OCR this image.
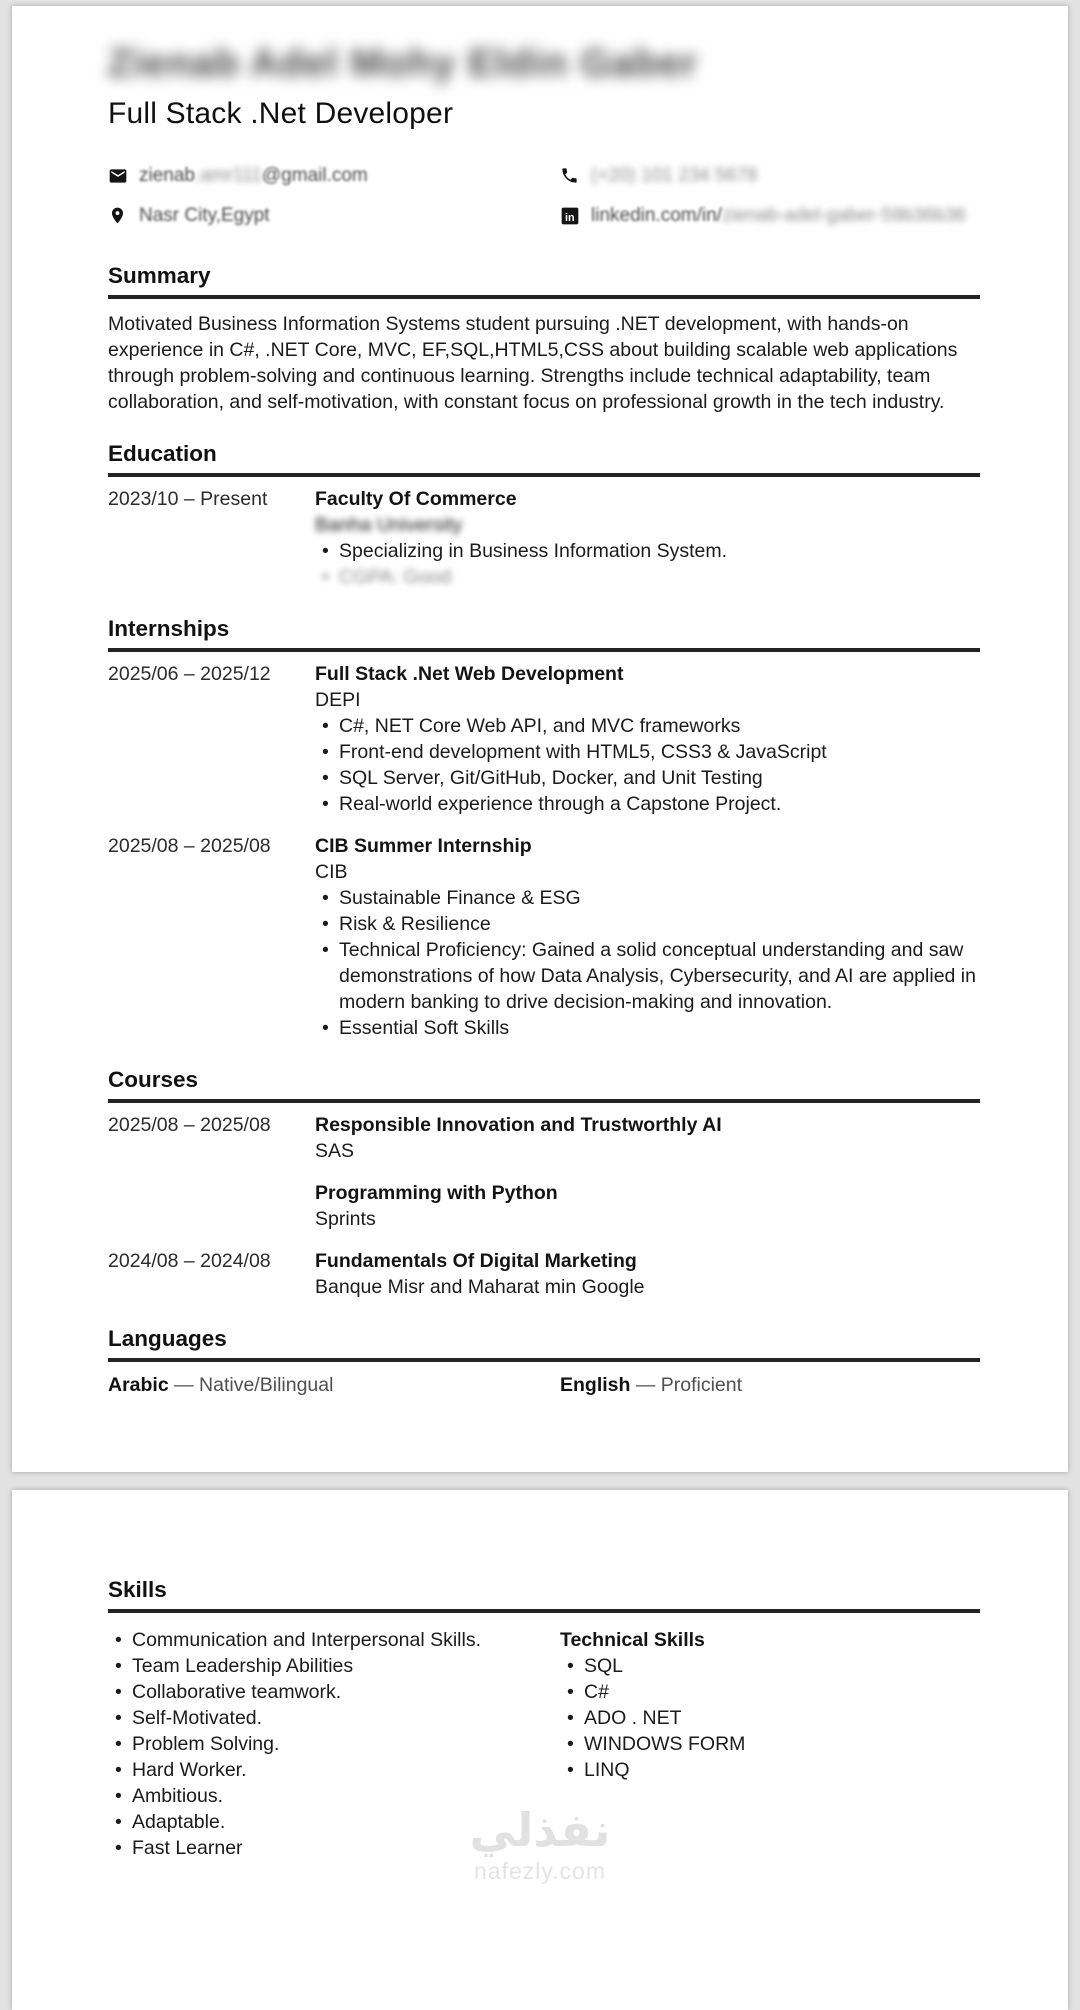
Zienab Adel Mohy Eldin Gaber
Full Stack .Net Developer
zienab.amr111@gmail.com	(+20) 101 234 5678
Nasr City,Egypt	in linkedin.com/in/zienab-adel-gaber-59b36b36
Summary

Motivated Business Information Systems student pursuing .NET development, with hands-on experience in C#, .NET Core, MVC, EF,SQL,HTML5,CSS about building scalable web applications through problem-solving and continuous learning. Strengths include technical adaptability, team collaboration, and self-motivation, with constant focus on professional growth in the tech industry.

Education
2023/10 – Present	Faculty Of Commerce
Banha University
• Specializing in Business Information System.
• CGPA: Good
Internships
2025/06 – 2025/12	Full Stack .Net Web Development
DEPI
• C#, NET Core Web API, and MVC frameworks
• Front-end development with HTML5, CSS3 & JavaScript
• SQL Server, Git/GitHub, Docker, and Unit Testing
• Real-world experience through a Capstone Project.
2025/08 – 2025/08	CIB Summer Internship
CIB
• Sustainable Finance & ESG
• Risk & Resilience
• Technical Proficiency: Gained a solid conceptual understanding and saw demonstrations of how Data Analysis, Cybersecurity, and AI are applied in modern banking to drive decision-making and innovation.
• Essential Soft Skills
Courses
2025/08 – 2025/08	Responsible Innovation and Trustworthly AI
SAS
Programming with Python
Sprints
2024/08 – 2024/08	Fundamentals Of Digital Marketing
Banque Misr and Maharat min Google
Languages
Arabic — Native/Bilingual	English — Proficient
Skills
• Communication and Interpersonal Skills.
• Team Leadership Abilities
• Collaborative teamwork.
• Self-Motivated.
• Problem Solving.
• Hard Worker.
• Ambitious.
• Adaptable.
• Fast Learner
Technical Skills
• SQL
• C#
• ADO . NET
• WINDOWS FORM
• LINQ
نفذلي
nafezly.com
